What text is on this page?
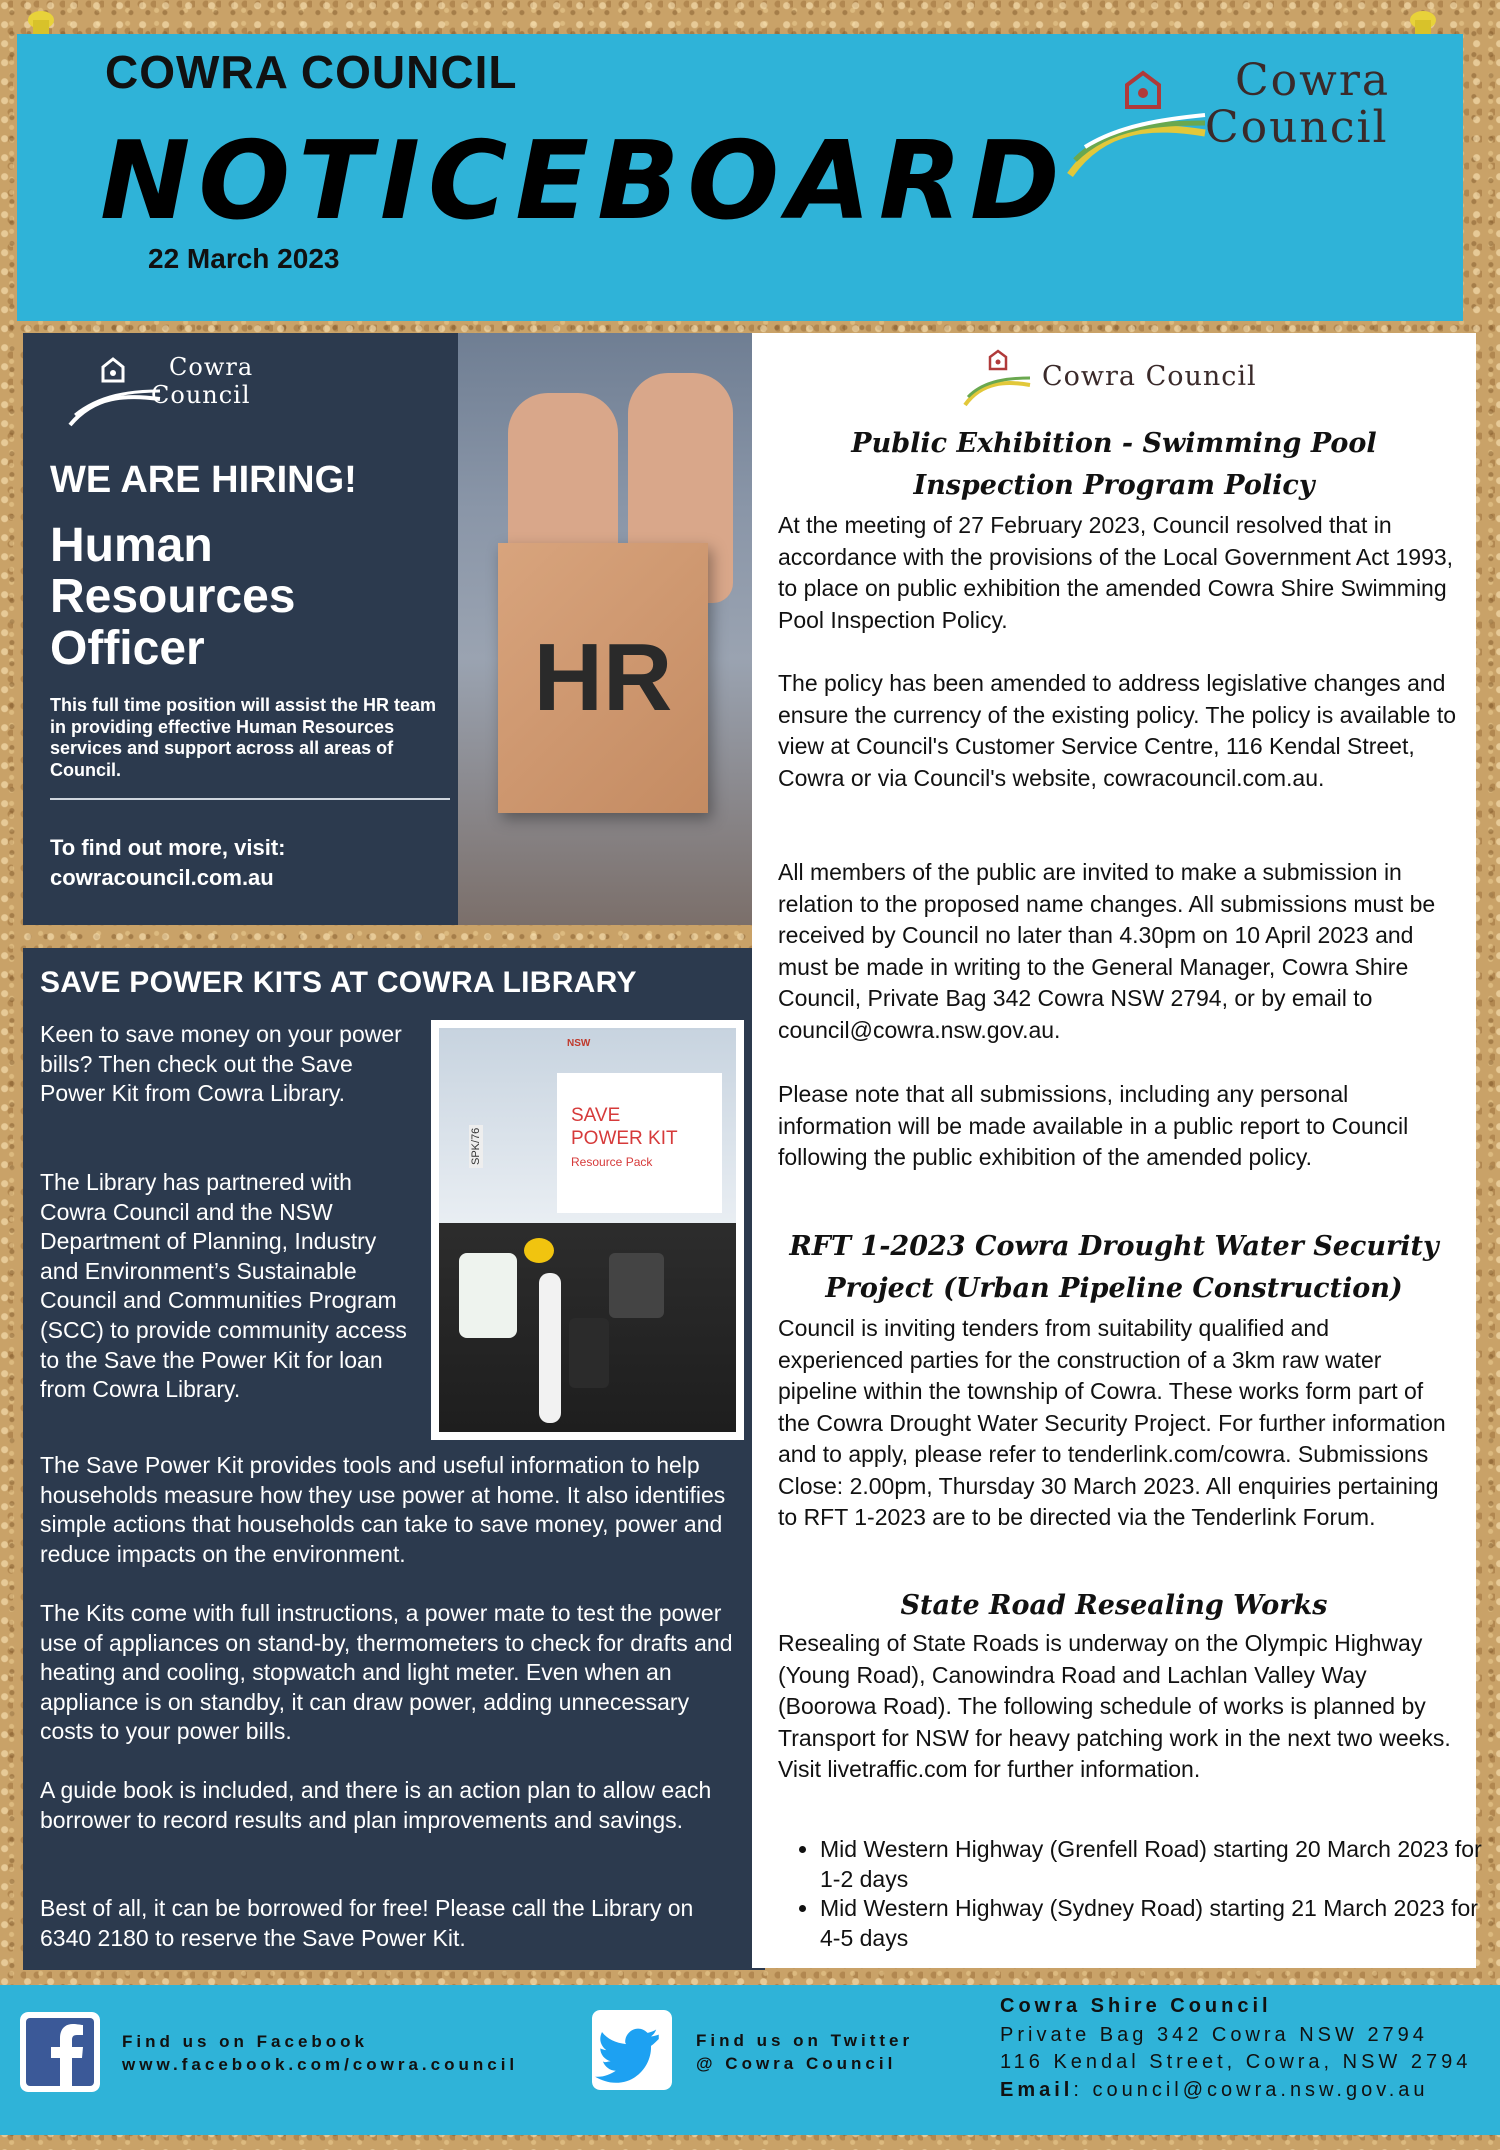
COWRA COUNCIL
NOTICEBOARD
22 March 2023
Cowra
Council
HR
Cowra
Council
WE ARE HIRING!
Human
Resources
Officer
This full time position will assist the HR team in providing effective Human Resources services and support across all areas of Council.
To find out more, visit:
cowracouncil.com.au
SAVE POWER KITS AT COWRA LIBRARY

Keen to save money on your power bills? Then check out the Save Power Kit from Cowra Library.

The Library has partnered with Cowra Council and the NSW Department of Planning, Industry and Environment’s Sustainable Council and Communities Program (SCC) to provide community access to the Save the Power Kit for loan from Cowra Library.

The Save Power Kit provides tools and useful information to help households measure how they use power at home. It also identifies simple actions that households can take to save money, power and reduce impacts on the environment.

The Kits come with full instructions, a power mate to test the power use of appliances on stand-by, thermometers to check for drafts and heating and cooling, stopwatch and light meter. Even when an appliance is on standby, it can draw power, adding unnecessary costs to your power bills.

A guide book is included, and there is an action plan to allow each borrower to record results and plan improvements and savings.

Best of all, it can be borrowed for free! Please call the Library on 6340 2180 to reserve the Save Power Kit.

NSW
SAVE
POWER KIT
Resource Pack
SPK/76
Cowra Council
Public Exhibition - Swimming Pool
Inspection Program Policy

At the meeting of 27 February 2023, Council resolved that in accordance with the provisions of the Local Government Act 1993, to place on public exhibition the amended Cowra Shire Swimming Pool Inspection Policy.

The policy has been amended to address legislative changes and ensure the currency of the existing policy. The policy is available to view at Council's Customer Service Centre, 116 Kendal Street, Cowra or via Council's website, cowracouncil.com.au.

All members of the public are invited to make a submission in relation to the proposed name changes. All submissions must be received by Council no later than 4.30pm on 10 April 2023 and must be made in writing to the General Manager, Cowra Shire Council, Private Bag 342 Cowra NSW 2794, or by email to council@cowra.nsw.gov.au.

Please note that all submissions, including any personal information will be made available in a public report to Council following the public exhibition of the amended policy.

RFT 1-2023 Cowra Drought Water Security
Project (Urban Pipeline Construction)

Council is inviting tenders from suitability qualified and experienced parties for the construction of a 3km raw water pipeline within the township of Cowra. These works form part of the Cowra Drought Water Security Project. For further information and to apply, please refer to tenderlink.com/cowra. Submissions Close: 2.00pm, Thursday 30 March 2023. All enquiries pertaining to RFT 1-2023 are to be directed via the Tenderlink Forum.

State Road Resealing Works

Resealing of State Roads is underway on the Olympic Highway (Young Road), Canowindra Road and Lachlan Valley Way (Boorowa Road). The following schedule of works is planned by Transport for NSW for heavy patching work in the next two weeks. Visit livetraffic.com for further information.

• Mid Western Highway (Grenfell Road) starting 20 March 2023 for 1-2 days
• Mid Western Highway (Sydney Road) starting 21 March 2023 for 4-5 days
Find us on Facebook
www.facebook.com/cowra.council
Find us on Twitter
@ Cowra Council
Cowra Shire Council
Private Bag 342 Cowra NSW 2794
116 Kendal Street, Cowra, NSW 2794
Email: council@cowra.nsw.gov.au
